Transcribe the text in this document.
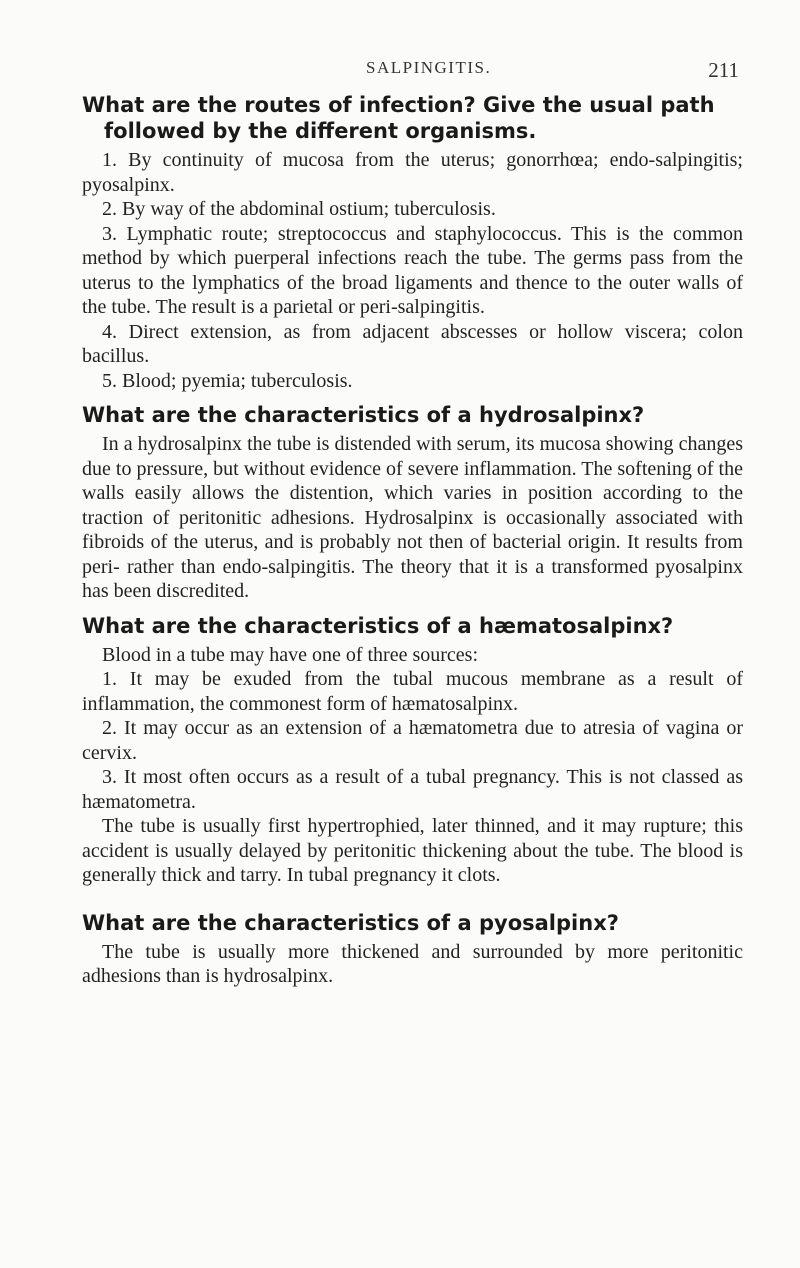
SALPINGITIS.	211
What are the routes of infection? Give the usual path followed by the different organisms.

1. By continuity of mucosa from the uterus; gonorrhœa; endo-salpingitis; pyosalpinx.

2. By way of the abdominal ostium; tuberculosis.

3. Lymphatic route; streptococcus and staphylococcus. This is the common method by which puerperal infections reach the tube. The germs pass from the uterus to the lymphatics of the broad ligaments and thence to the outer walls of the tube. The result is a parietal or peri-salpingitis.

4. Direct extension, as from adjacent abscesses or hollow viscera; colon bacillus.

5. Blood; pyemia; tuberculosis.

What are the characteristics of a hydrosalpinx?

In a hydrosalpinx the tube is distended with serum, its mucosa showing changes due to pressure, but without evidence of severe inflammation. The softening of the walls easily allows the distention, which varies in position according to the traction of peritonitic adhesions. Hydrosalpinx is occasionally associated with fibroids of the uterus, and is probably not then of bacterial origin. It results from peri- rather than endo-salpingitis. The theory that it is a transformed pyosalpinx has been discredited.

What are the characteristics of a hæmatosalpinx?

Blood in a tube may have one of three sources:

1. It may be exuded from the tubal mucous membrane as a result of inflammation, the commonest form of hæmatosalpinx.

2. It may occur as an extension of a hæmatometra due to atresia of vagina or cervix.

3. It most often occurs as a result of a tubal pregnancy. This is not classed as hæmatometra.

The tube is usually first hypertrophied, later thinned, and it may rupture; this accident is usually delayed by peritonitic thickening about the tube. The blood is generally thick and tarry. In tubal pregnancy it clots.

What are the characteristics of a pyosalpinx?

The tube is usually more thickened and surrounded by more peritonitic adhesions than is hydrosalpinx.
